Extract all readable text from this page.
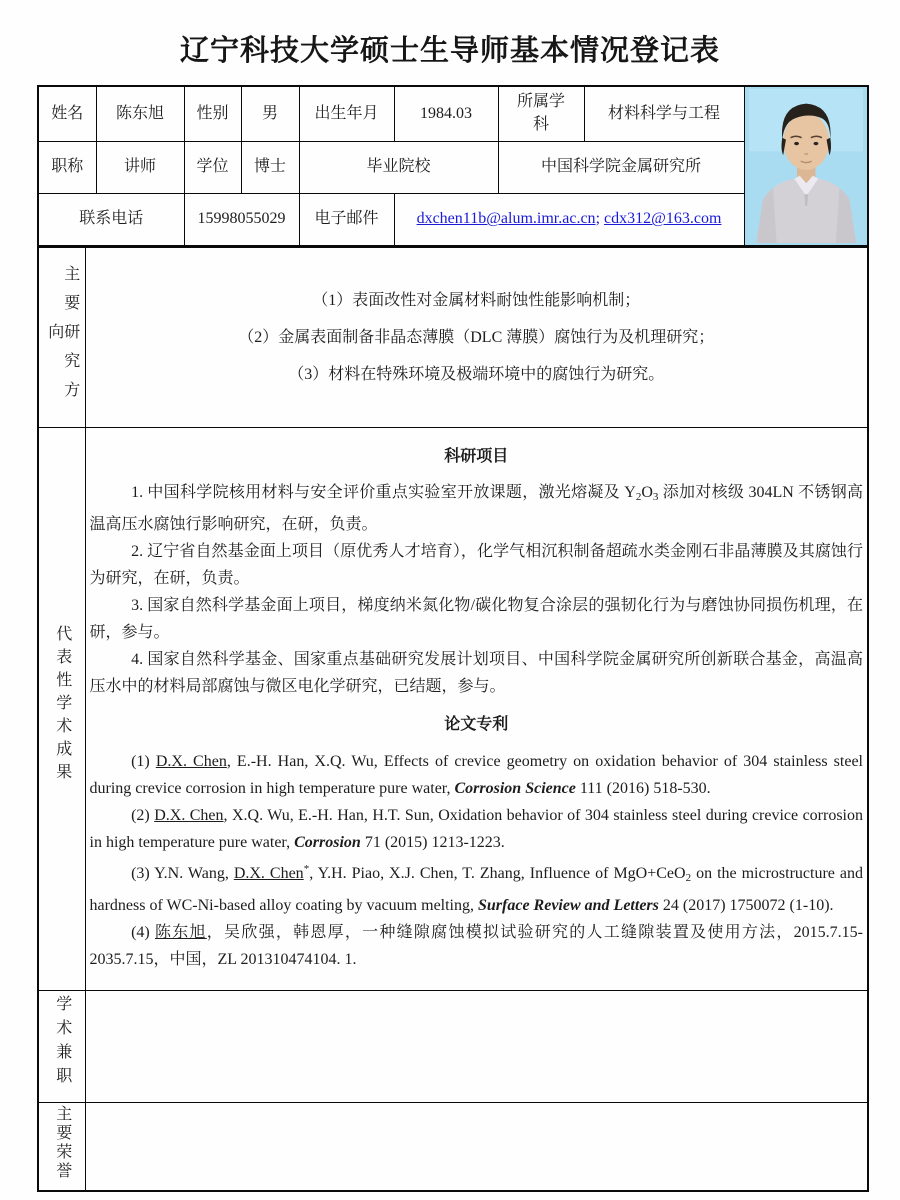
辽宁科技大学硕士生导师基本情况登记表
姓名	陈东旭	性别	男	出生年月	1984.03	所属学科	材料科学与工程	

职称	讲师	学位	博士	毕业院校		中国科学院金属研究所		
联系电话		15998055029		电子邮件	dxchen11b@alum.imr.ac.cn; cdx312@163.com			
主要研究方向	（1）表面改性对金属材料耐蚀性能影响机制；

（2）金属表面制备非晶态薄膜（DLC 薄膜）腐蚀行为及机理研究；

（3）材料在特殊环境及极端环境中的腐蚀行为研究。

代表性学术成果	

科研项目

1. 中国科学院核用材料与安全评价重点实验室开放课题，激光熔凝及 Y2O3 添加对核级 304LN 不锈钢高温高压水腐蚀行影响研究，在研，负责。

2. 辽宁省自然基金面上项目（原优秀人才培育），化学气相沉积制备超疏水类金刚石非晶薄膜及其腐蚀行为研究，在研，负责。

3. 国家自然科学基金面上项目，梯度纳米氮化物/碳化物复合涂层的强韧化行为与磨蚀协同损伤机理，在研，参与。

4. 国家自然科学基金、国家重点基础研究发展计划项目、中国科学院金属研究所创新联合基金，高温高压水中的材料局部腐蚀与微区电化学研究，已结题，参与。

论文专利

(1) D.X. Chen, E.-H. Han, X.Q. Wu, Effects of crevice geometry on oxidation behavior of 304 stainless steel during crevice corrosion in high temperature pure water, Corrosion Science 111 (2016) 518-530.

(2) D.X. Chen, X.Q. Wu, E.-H. Han, H.T. Sun, Oxidation behavior of 304 stainless steel during crevice corrosion in high temperature pure water, Corrosion 71 (2015) 1213-1223.

(3) Y.N. Wang, D.X. Chen*, Y.H. Piao, X.J. Chen, T. Zhang, Influence of MgO+CeO2 on the microstructure and hardness of WC-Ni-based alloy coating by vacuum melting, Surface Review and Letters 24 (2017) 1750072 (1-10).

(4) 陈东旭，吴欣强，韩恩厚，一种缝隙腐蚀模拟试验研究的人工缝隙装置及使用方法，2015.7.15-2035.7.15，中国，ZL 201310474104. 1.

学术兼职	
主要荣誉	
